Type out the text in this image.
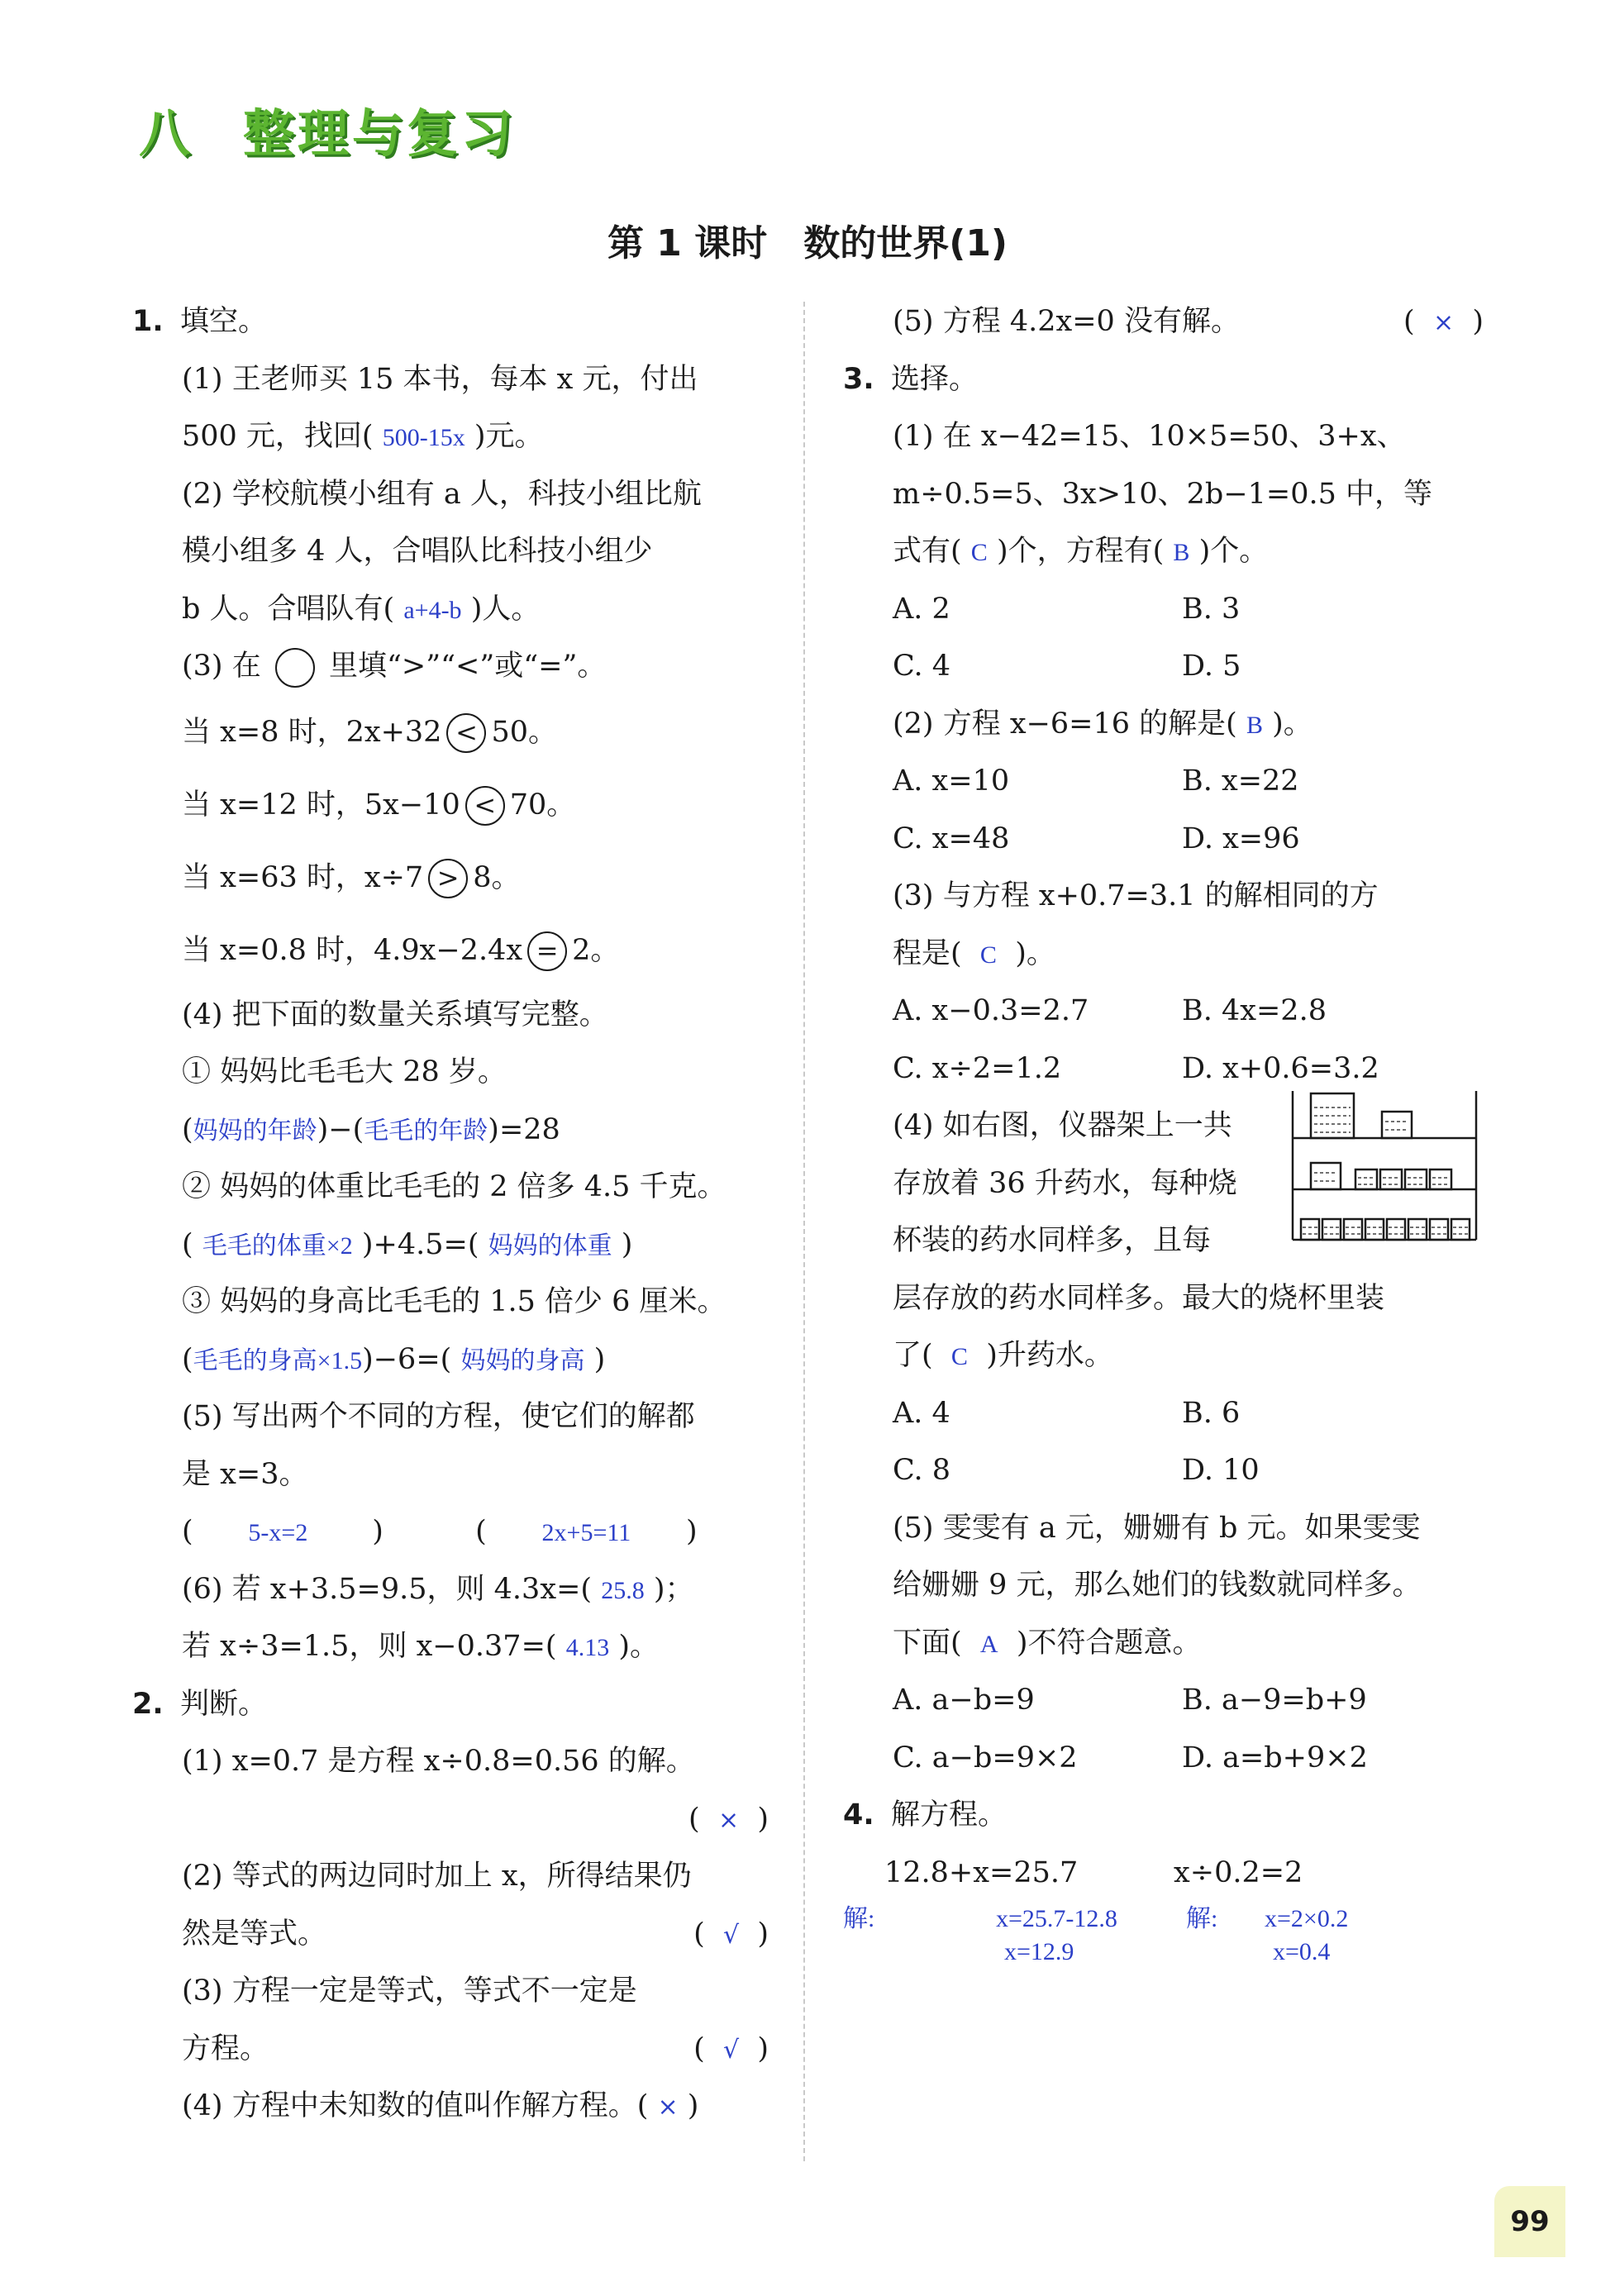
八 整理与复习
第 1 课时　数的世界(1)
1. 填空。
(1) 王老师买 15 本书，每本 x 元，付出
500 元，找回( 500-15x )元。
(2) 学校航模小组有 a 人，科技小组比航
模小组多 4 人，合唱队比科技小组少
b 人。合唱队有( a+4-b )人。
(3) 在 里填“>”“<”或“=”。
当 x=8 时，2x+32 < 50。
当 x=12 时，5x−10 < 70。
当 x=63 时，x÷7 > 8。
当 x=0.8 时，4.9x−2.4x = 2。
(4) 把下面的数量关系填写完整。
① 妈妈比毛毛大 28 岁。
(妈妈的年龄)−(毛毛的年龄)=28
② 妈妈的体重比毛毛的 2 倍多 4.5 千克。
( 毛毛的体重×2 )+4.5=( 妈妈的体重 )
③ 妈妈的身高比毛毛的 1.5 倍少 6 厘米。
(毛毛的身高×1.5)−6=( 妈妈的身高 )
(5) 写出两个不同的方程，使它们的解都
是 x=3。
(      5-x=2       )          (      2x+5=11      )
(6) 若 x+3.5=9.5，则 4.3x=( 25.8 )；
若 x÷3=1.5，则 x−0.37=( 4.13 )。
2. 判断。
(1) x=0.7 是方程 x÷0.8=0.56 的解。
(  ×  )
(2) 等式的两边同时加上 x，所得结果仍
然是等式。	(  √  )
(3) 方程一定是等式，等式不一定是
方程。	(  √  )
(4) 方程中未知数的值叫作解方程。( × )
(5) 方程 4.2x=0 没有解。	(  ×  )
3. 选择。
(1) 在 x−42=15、10×5=50、3+x、
m÷0.5=5、3x>10、2b−1=0.5 中，等
式有( C )个，方程有( B )个。
A. 2	B. 3
C. 4	D. 5
(2) 方程 x−6=16 的解是( B )。
A. x=10	B. x=22
C. x=48	D. x=96
(3) 与方程 x+0.7=3.1 的解相同的方
程是( C )。
A. x−0.3=2.7	B. 4x=2.8
C. x÷2=1.2	D. x+0.6=3.2
(4) 如右图，仪器架上一共
存放着 36 升药水，每种烧
杯装的药水同样多，且每
层存放的药水同样多。最大的烧杯里装
了( C )升药水。
A. 4	B. 6
C. 8	D. 10
(5) 雯雯有 a 元，姗姗有 b 元。如果雯雯
给姗姗 9 元，那么她们的钱数就同样多。
下面( A )不符合题意。
A. a−b=9	B. a−9=b+9
C. a−b=9×2	D. a=b+9×2
4. 解方程。
12.8+x=25.7	x÷0.2=2
解:	x=25.7-12.8	解: x=2×0.2
x=12.9	x=0.4
99
